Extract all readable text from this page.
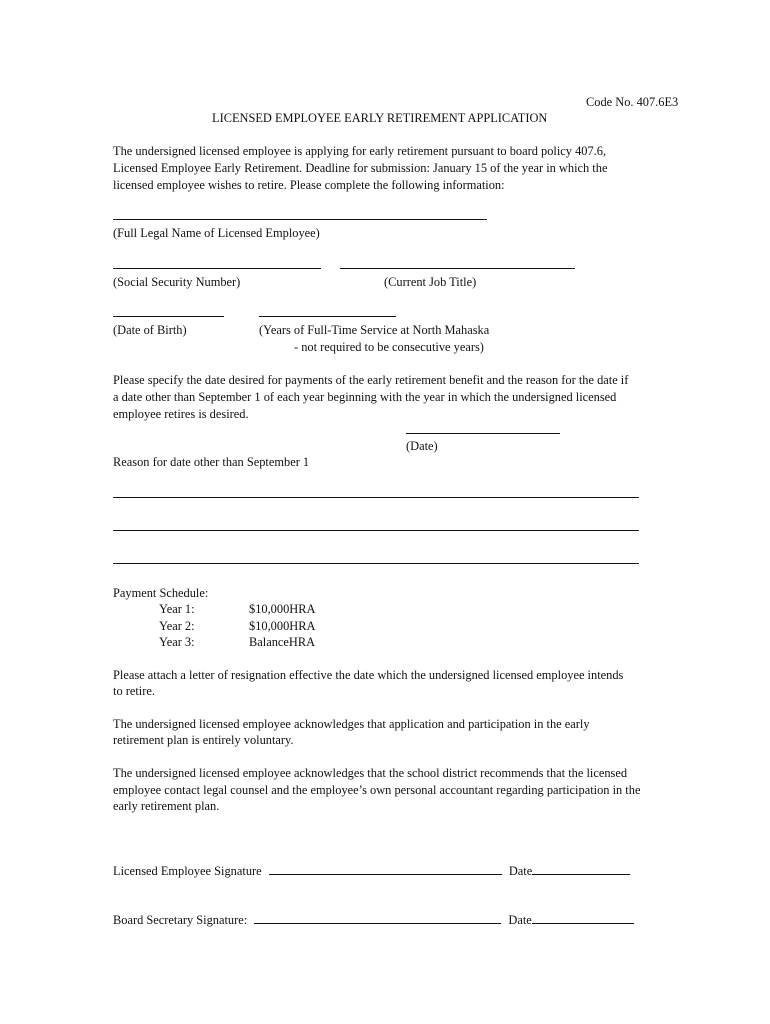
Code No. 407.6E3
LICENSED EMPLOYEE EARLY RETIREMENT APPLICATION
The undersigned licensed employee is applying for early retirement pursuant to board policy 407.6,
Licensed Employee Early Retirement. Deadline for submission: January 15 of the year in which the
licensed employee wishes to retire. Please complete the following information:
(Full Legal Name of Licensed Employee)
(Social Security Number)	(Current Job Title)
(Date of Birth)	(Years of Full-Time Service at North Mahaska
- not required to be consecutive years)
Please specify the date desired for payments of the early retirement benefit and the reason for the date if
a date other than September 1 of each year beginning with the year in which the undersigned licensed
employee retires is desired.
(Date)
Reason for date other than September 1
Payment Schedule:
Year 1:	$10,000HRA
Year 2:	$10,000HRA
Year 3:	BalanceHRA
Please attach a letter of resignation effective the date which the undersigned licensed employee intends
to retire.
The undersigned licensed employee acknowledges that application and participation in the early
retirement plan is entirely voluntary.
The undersigned licensed employee acknowledges that the school district recommends that the licensed
employee contact legal counsel and the employee’s own personal accountant regarding participation in the
early retirement plan.
Licensed Employee Signature	Date
Board Secretary Signature:	Date
